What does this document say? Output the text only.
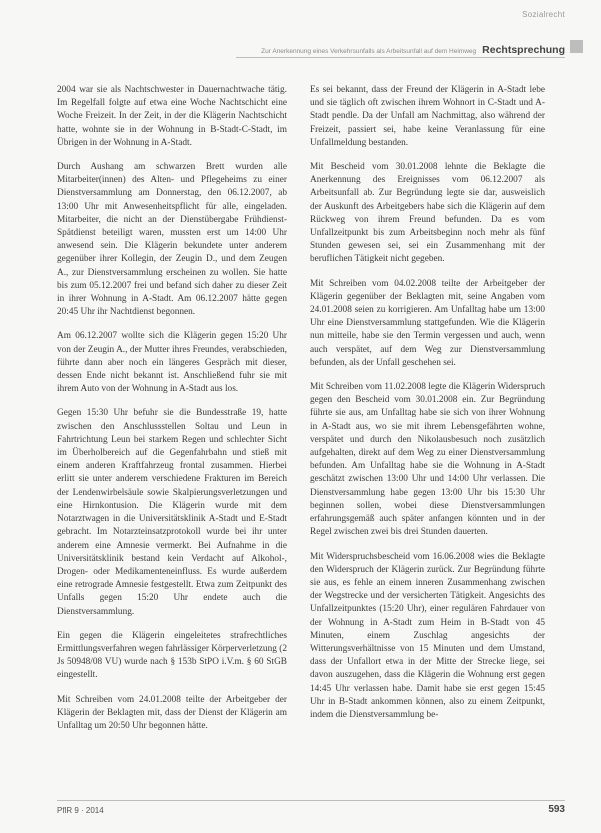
Sozialrecht
Zur Anerkennung eines Verkehrsunfalls als Arbeitsunfall auf dem Heimweg Rechtsprechung

2004 war sie als Nachtschwester in Dauernachtwache tätig. Im Regelfall folgte auf etwa eine Woche Nachtschicht eine Woche Freizeit. In der Zeit, in der die Klägerin Nachtschicht hatte, wohnte sie in der Wohnung in B-Stadt-C-Stadt, im Übrigen in der Wohnung in A-Stadt.

Durch Aushang am schwarzen Brett wurden alle Mitarbeiter(innen) des Alten- und Pflegeheims zu einer Dienstversammlung am Donnerstag, den 06.12.2007, ab 13:00 Uhr mit Anwesenheitspflicht für alle, eingeladen. Mitarbeiter, die nicht an der Dienstübergabe Frühdienst-Spätdienst beteiligt waren, mussten erst um 14:00 Uhr anwesend sein. Die Klägerin bekundete unter anderem gegenüber ihrer Kollegin, der Zeugin D., und dem Zeugen A., zur Dienstversammlung erscheinen zu wollen. Sie hatte bis zum 05.12.2007 frei und befand sich daher zu dieser Zeit in ihrer Wohnung in A-Stadt. Am 06.12.2007 hätte gegen 20:45 Uhr ihr Nachtdienst begonnen.

Am 06.12.2007 wollte sich die Klägerin gegen 15:20 Uhr von der Zeugin A., der Mutter ihres Freundes, verabschieden, führte dann aber noch ein längeres Gespräch mit dieser, dessen Ende nicht bekannt ist. Anschließend fuhr sie mit ihrem Auto von der Wohnung in A-Stadt aus los.

Gegen 15:30 Uhr befuhr sie die Bundesstraße 19, hatte zwischen den Anschlussstellen Soltau und Leun in Fahrtrichtung Leun bei starkem Regen und schlechter Sicht im Überholbereich auf die Gegenfahrbahn und stieß mit einem anderen Kraftfahrzeug frontal zusammen. Hierbei erlitt sie unter anderem verschiedene Frakturen im Bereich der Lendenwirbelsäule sowie Skalpierungsverletzungen und eine Hirnkontusion. Die Klägerin wurde mit dem Notarztwagen in die Universitätsklinik A-Stadt und E-Stadt gebracht. Im Notarzteinsatzprotokoll wurde bei ihr unter anderem eine Amnesie vermerkt. Bei Aufnahme in die Universitätsklinik bestand kein Verdacht auf Alkohol-, Drogen- oder Medikamenteneinfluss. Es wurde außerdem eine retrograde Amnesie festgestellt. Etwa zum Zeitpunkt des Unfalls gegen 15:20 Uhr endete auch die Dienstversammlung.

Ein gegen die Klägerin eingeleitetes strafrechtliches Ermittlungsverfahren wegen fahrlässiger Körperverletzung (2 Js 50948/08 VU) wurde nach § 153b StPO i.V.m. § 60 StGB eingestellt.

Mit Schreiben vom 24.01.2008 teilte der Arbeitgeber der Klägerin der Beklagten mit, dass der Dienst der Klägerin am Unfalltag um 20:50 Uhr begonnen hätte.

Es sei bekannt, dass der Freund der Klägerin in A-Stadt lebe und sie täglich oft zwischen ihrem Wohnort in C-Stadt und A-Stadt pendle. Da der Unfall am Nachmittag, also während der Freizeit, passiert sei, habe keine Veranlassung für eine Unfallmeldung bestanden.

Mit Bescheid vom 30.01.2008 lehnte die Beklagte die Anerkennung des Ereignisses vom 06.12.2007 als Arbeitsunfall ab. Zur Begründung legte sie dar, ausweislich der Auskunft des Arbeitgebers habe sich die Klägerin auf dem Rückweg von ihrem Freund befunden. Da es vom Unfallzeitpunkt bis zum Arbeitsbeginn noch mehr als fünf Stunden gewesen sei, sei ein Zusammenhang mit der beruflichen Tätigkeit nicht gegeben.

Mit Schreiben vom 04.02.2008 teilte der Arbeitgeber der Klägerin gegenüber der Beklagten mit, seine Angaben vom 24.01.2008 seien zu korrigieren. Am Unfalltag habe um 13:00 Uhr eine Dienstversammlung stattgefunden. Wie die Klägerin nun mitteile, habe sie den Termin vergessen und auch, wenn auch verspätet, auf dem Weg zur Dienstversammlung befunden, als der Unfall geschehen sei.

Mit Schreiben vom 11.02.2008 legte die Klägerin Widerspruch gegen den Bescheid vom 30.01.2008 ein. Zur Begründung führte sie aus, am Unfalltag habe sie sich von ihrer Wohnung in A-Stadt aus, wo sie mit ihrem Lebensgefährten wohne, verspätet und durch den Nikolausbesuch noch zusätzlich aufgehalten, direkt auf dem Weg zu einer Dienstversammlung befunden. Am Unfalltag habe sie die Wohnung in A-Stadt geschätzt zwischen 13:00 Uhr und 14:00 Uhr verlassen. Die Dienstversammlung habe gegen 13:00 Uhr bis 15:30 Uhr beginnen sollen, wobei diese Dienstversammlungen erfahrungsgemäß auch später anfangen könnten und in der Regel zwischen zwei bis drei Stunden dauerten.

Mit Widerspruchsbescheid vom 16.06.2008 wies die Beklagte den Widerspruch der Klägerin zurück. Zur Begründung führte sie aus, es fehle an einem inneren Zusammenhang zwischen der Wegstrecke und der versicherten Tätigkeit. Angesichts des Unfallzeitpunktes (15:20 Uhr), einer regulären Fahrdauer von der Wohnung in A-Stadt zum Heim in B-Stadt von 45 Minuten, einem Zuschlag angesichts der Witterungsverhältnisse von 15 Minuten und dem Umstand, dass der Unfallort etwa in der Mitte der Strecke liege, sei davon auszugehen, dass die Klägerin die Wohnung erst gegen 14:45 Uhr verlassen habe. Damit habe sie erst gegen 15:45 Uhr in B-Stadt ankommen können, also zu einem Zeitpunkt, indem die Dienstversammlung be-

PflR 9 · 2014	593
